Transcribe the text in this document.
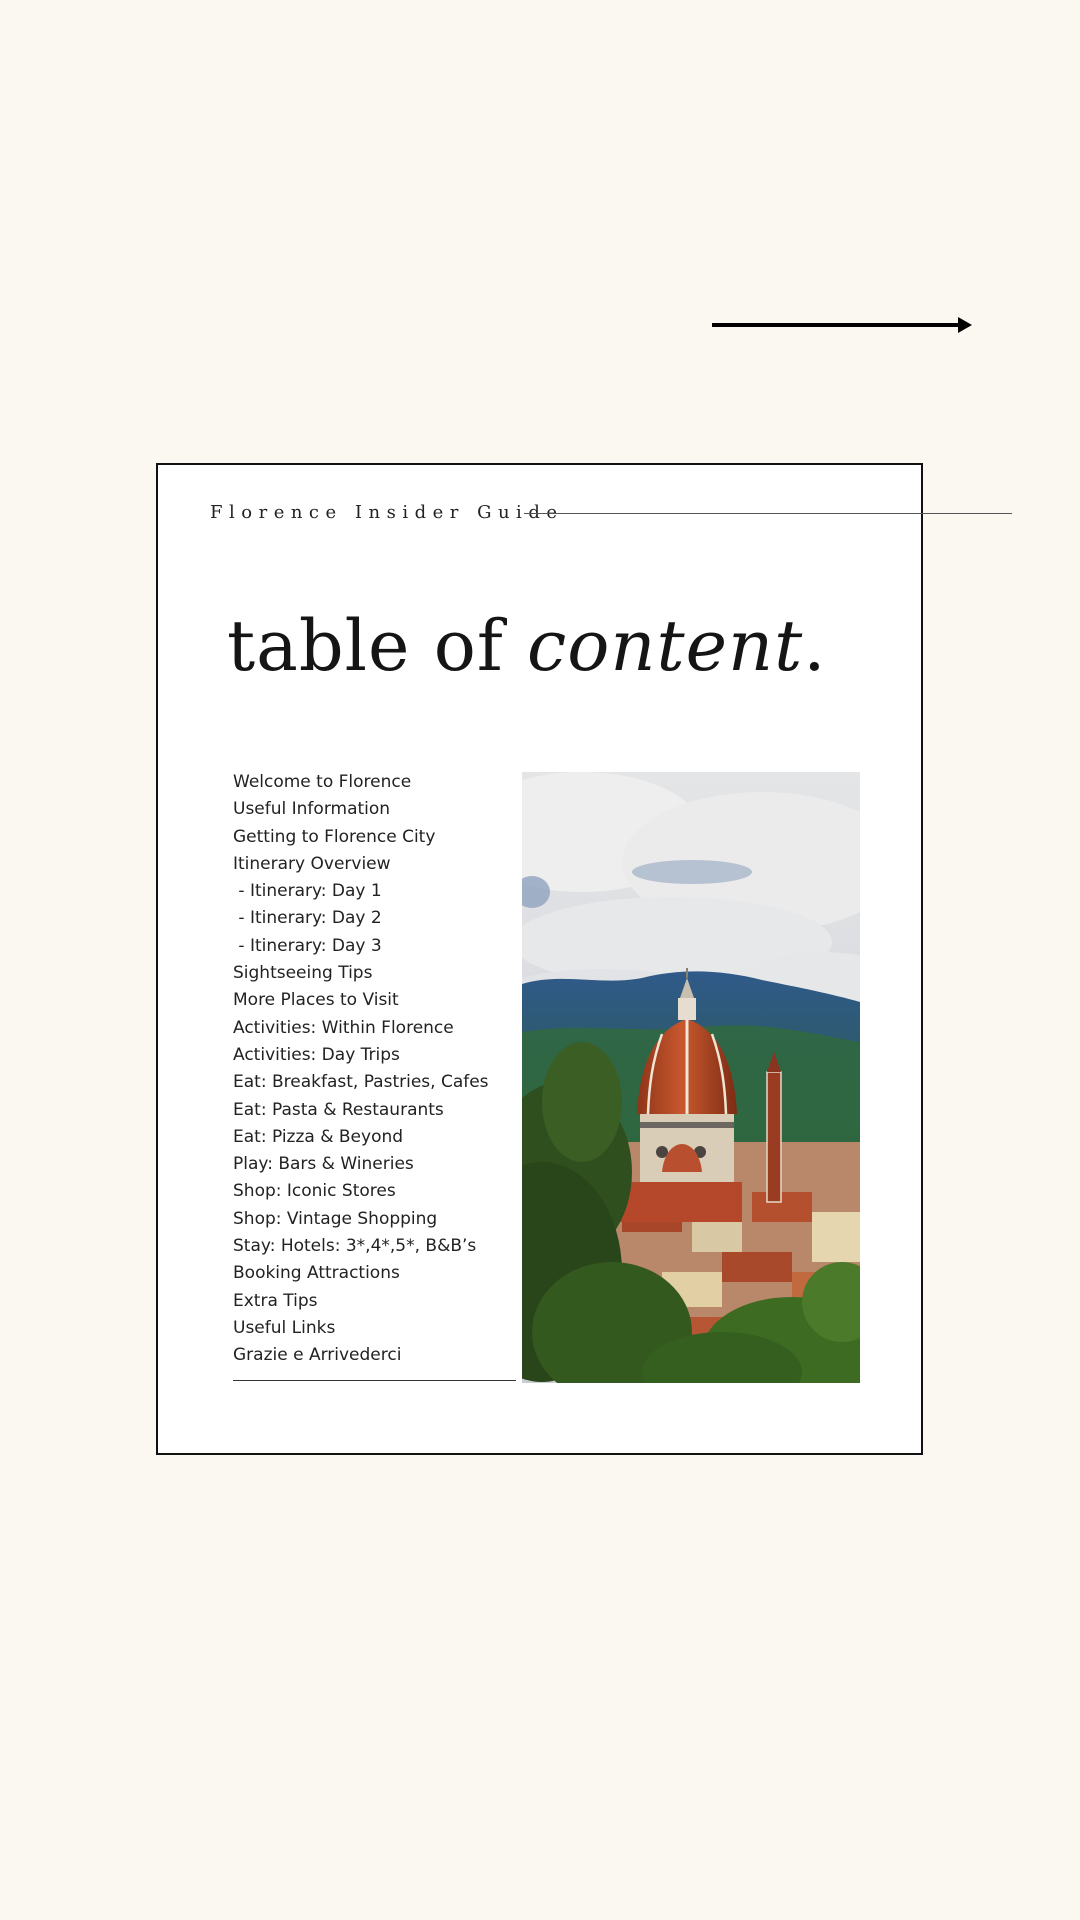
Florence Insider Guide
table of content.
Welcome to Florence
Useful Information
Getting to Florence City
Itinerary Overview
- Itinerary: Day 1
- Itinerary: Day 2
- Itinerary: Day 3
Sightseeing Tips
More Places to Visit
Activities: Within Florence
Activities: Day Trips
Eat: Breakfast, Pastries, Cafes
Eat: Pasta & Restaurants
Eat: Pizza & Beyond
Play: Bars & Wineries
Shop: Iconic Stores
Shop: Vintage Shopping
Stay: Hotels: 3*,4*,5*, B&B’s
Booking Attractions
Extra Tips
Useful Links
Grazie e Arrivederci
